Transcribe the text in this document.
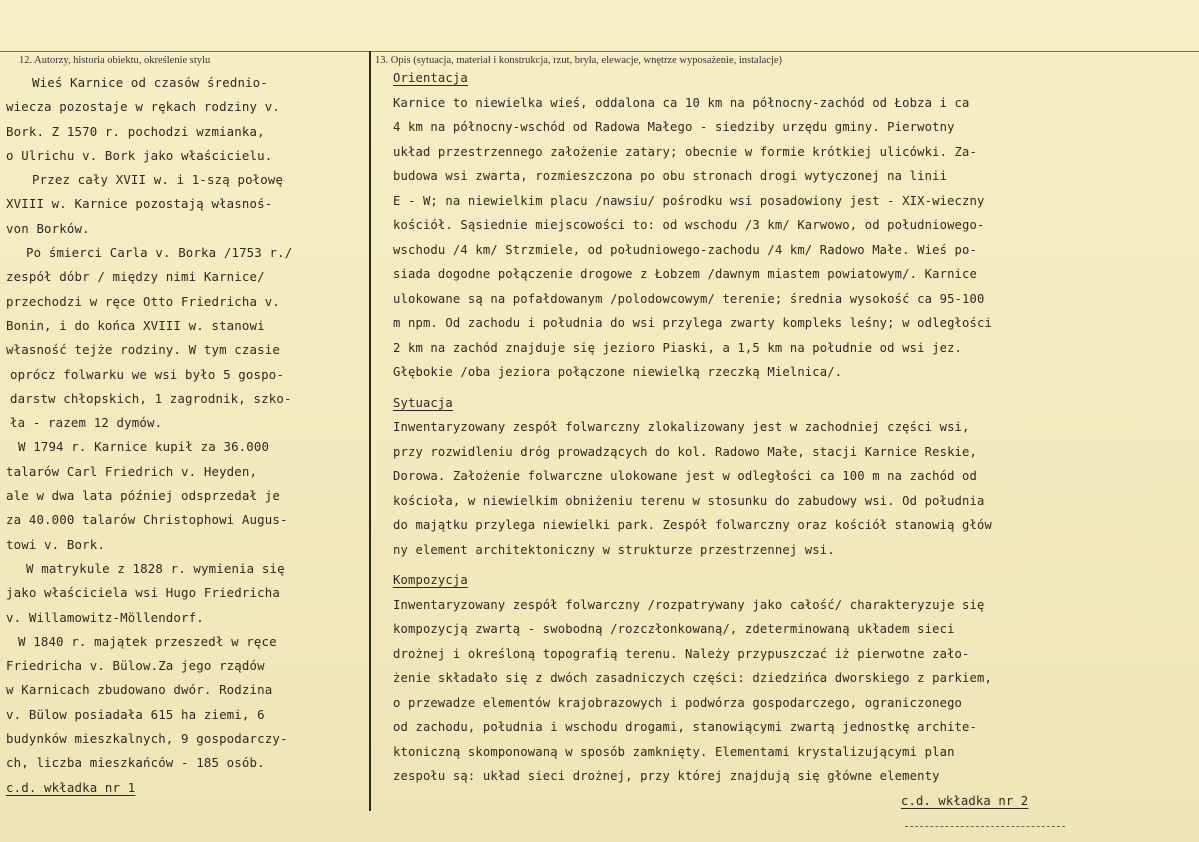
12. Autorzy, historia obiektu, określenie stylu	13. Opis (sytuacja, materiał i konstrukcja, rzut, bryła, elewacje, wnętrze wyposażenie, instalacje)
Wieś Karnice od czasów średnio-
wiecza pozostaje w rękach rodziny v.
Bork. Z 1570 r. pochodzi wzmianka,
o Ulrichu v. Bork jako właścicielu.
Przez cały XVII w. i 1-szą połowę
XVIII w. Karnice pozostają własnoś-
von Borków.
Po śmierci Carla v. Borka /1753 r./
zespół dóbr / między nimi Karnice/
przechodzi w ręce Otto Friedricha v.
Bonin, i do końca XVIII w. stanowi
własność tejże rodziny. W tym czasie
oprócz folwarku we wsi było 5 gospo-
darstw chłopskich, 1 zagrodnik, szko-
ła - razem 12 dymów.
W 1794 r. Karnice kupił za 36.000
talarów Carl Friedrich v. Heyden,
ale w dwa lata później odsprzedał je
za 40.000 talarów Christophowi Augus-
towi v. Bork.
W matrykule z 1828 r. wymienia się
jako właściciela wsi Hugo Friedricha
v. Willamowitz-Möllendorf.
W 1840 r. majątek przeszedł w ręce
Friedricha v. Bülow.Za jego rządów
w Karnicach zbudowano dwór. Rodzina
v. Bülow posiadała 615 ha ziemi, 6
budynków mieszkalnych, 9 gospodarczy-
ch, liczba mieszkańców - 185 osób.
c.d. wkładka nr 1
Orientacja
Karnice to niewielka wieś, oddalona ca 10 km na północny-zachód od Łobza i ca
4 km na północny-wschód od Radowa Małego - siedziby urzędu gminy. Pierwotny
układ przestrzennego założenie zatary; obecnie w formie krótkiej ulicówki. Za-
budowa wsi zwarta, rozmieszczona po obu stronach drogi wytyczonej na linii
E - W; na niewielkim placu /nawsiu/ pośrodku wsi posadowiony jest - XIX-wieczny
kościół. Sąsiednie miejscowości to: od wschodu /3 km/ Karwowo, od południowego-
wschodu /4 km/ Strzmiele, od południowego-zachodu /4 km/ Radowo Małe. Wieś po-
siada dogodne połączenie drogowe z Łobzem /dawnym miastem powiatowym/. Karnice
ulokowane są na pofałdowanym /polodowcowym/ terenie; średnia wysokość ca 95-100
m npm. Od zachodu i południa do wsi przylega zwarty kompleks leśny; w odległości
2 km na zachód znajduje się jezioro Piaski, a 1,5 km na południe od wsi jez.
Głębokie /oba jeziora połączone niewielką rzeczką Mielnica/.
Sytuacja
Inwentaryzowany zespół folwarczny zlokalizowany jest w zachodniej części wsi,
przy rozwidleniu dróg prowadzących do kol. Radowo Małe, stacji Karnice Reskie,
Dorowa. Założenie folwarczne ulokowane jest w odległości ca 100 m na zachód od
kościoła, w niewielkim obniżeniu terenu w stosunku do zabudowy wsi. Od południa
do majątku przylega niewielki park. Zespół folwarczny oraz kościół stanowią głów
ny element architektoniczny w strukturze przestrzennej wsi.
Kompozycja
Inwentaryzowany zespół folwarczny /rozpatrywany jako całość/ charakteryzuje się
kompozycją zwartą - swobodną /rozczłonkowaną/, zdeterminowaną układem sieci
drożnej i określoną topografią terenu. Należy przypuszczać iż pierwotne zało-
żenie składało się z dwóch zasadniczych części: dziedzińca dworskiego z parkiem,
o przewadze elementów krajobrazowych i podwórza gospodarczego, ograniczonego
od zachodu, południa i wschodu drogami, stanowiącymi zwartą jednostkę archite-
ktoniczną skomponowaną w sposób zamknięty. Elementami krystalizującymi plan
zespołu są: układ sieci drożnej, przy której znajdują się główne elementy
c.d. wkładka nr 2
